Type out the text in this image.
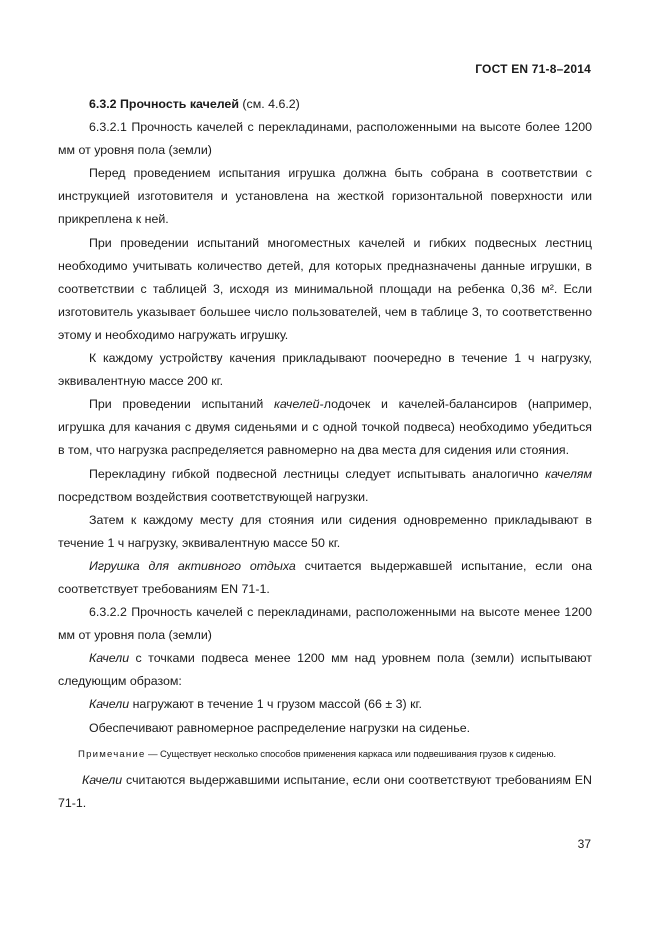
ГОСТ EN 71-8–2014

6.3.2 Прочность качелей (см. 4.6.2)

6.3.2.1 Прочность качелей с перекладинами, расположенными на высоте более 1200 мм от уровня пола (земли)

Перед проведением испытания игрушка должна быть собрана в соответствии с инструкцией изготовителя и установлена на жесткой горизонтальной поверхности или прикреплена к ней.

При проведении испытаний многоместных качелей и гибких подвесных лестниц необходимо учитывать количество детей, для которых предназначены данные игрушки, в соответствии с таблицей 3, исходя из минимальной площади на ребенка 0,36 м². Если изготовитель указывает большее число пользователей, чем в таблице 3, то соответственно этому и необходимо нагружать игрушку.

К каждому устройству качения прикладывают поочередно в течение 1 ч нагрузку, эквивалентную массе 200 кг.

При проведении испытаний качелей-лодочек и качелей-балансиров (например, игрушка для качания с двумя сиденьями и с одной точкой подвеса) необходимо убедиться в том, что нагрузка распределяется равномерно на два места для сидения или стояния.

Перекладину гибкой подвесной лестницы следует испытывать аналогично качелям посредством воздействия соответствующей нагрузки.

Затем к каждому месту для стояния или сидения одновременно прикладывают в течение 1 ч нагрузку, эквивалентную массе 50 кг.

Игрушка для активного отдыха считается выдержавшей испытание, если она соответствует требованиям EN 71-1.

6.3.2.2 Прочность качелей с перекладинами, расположенными на высоте менее 1200 мм от уровня пола (земли)

Качели с точками подвеса менее 1200 мм над уровнем пола (земли) испытывают следующим образом:

Качели нагружают в течение 1 ч грузом массой (66 ± 3) кг.

Обеспечивают равномерное распределение нагрузки на сиденье.

Примечание — Существует несколько способов применения каркаса или подвешивания грузов к сиденью.

Качели считаются выдержавшими испытание, если они соответствуют требованиям EN 71-1.

37
